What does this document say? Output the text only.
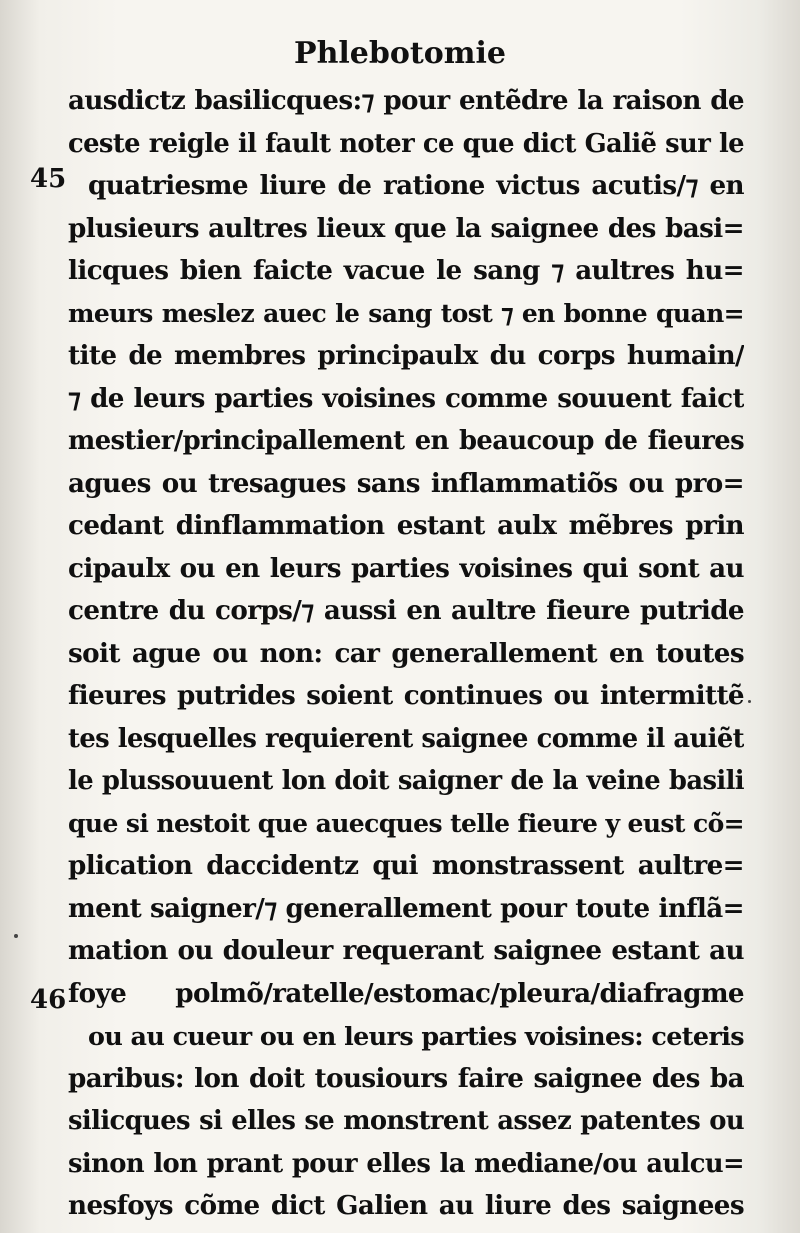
Phlebotomie
45
46
ausdictz basilicques:⁊ pour entẽdre la raison de
ceste reigle il fault noter ce que dict Galiẽ sur le
quatriesme liure de ratione victus acutis/⁊ en
plusieurs aultres lieux que la saignee des basi=
licques bien faicte vacue le sang ⁊ aultres hu=
meurs meslez auec le sang tost ⁊ en bonne quan=
tite de membres principaulx du corps humain/
⁊ de leurs parties voisines comme souuent faict
mestier/principallement en beaucoup de fieures
agues ou tresagues sans inflammatiõs ou pro=
cedant dinflammation estant aulx mẽbres prin
cipaulx ou en leurs parties voisines qui sont au
centre du corps/⁊ aussi en aultre fieure putride
soit ague ou non: car generallement en toutes
fieures putrides soient continues ou intermittẽ
tes lesquelles requierent saignee comme il auiẽt
le plussouuent lon doit saigner de la veine basili
que si nestoit que auecques telle fieure y eust cõ=
plication daccidentz qui monstrassent aultre=
ment saigner/⁊ generallement pour toute inflã=
mation ou douleur requerant saignee estant au
foye polmõ/ratelle/estomac/pleura/diafragme
ou au cueur ou en leurs parties voisines: ceteris
paribus: lon doit tousiours faire saignee des ba
silicques si elles se monstrent assez patentes ou
sinon lon prant pour elles la mediane/ou aulcu=
nesfoys cõme dict Galien au liure des saignees
